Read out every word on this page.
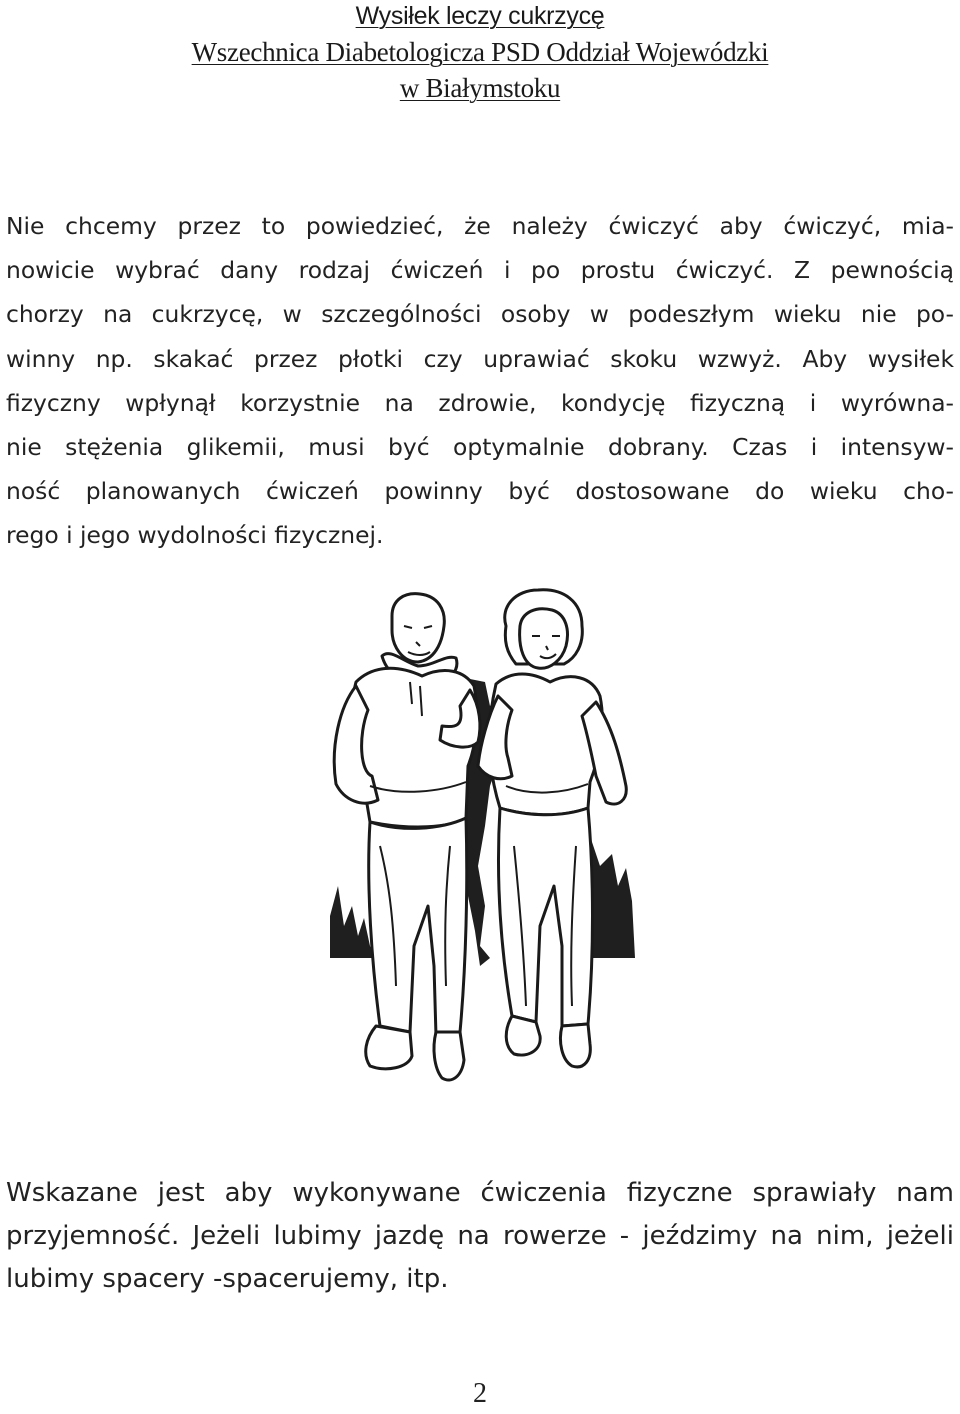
Wysiłek leczy cukrzycę
Wszechnica Diabetologicza PSD Oddział Wojewódzki
w Białymstoku
Nie chcemy przez to powiedzieć, że należy ćwiczyć aby ćwiczyć, mia-
nowicie wybrać dany rodzaj ćwiczeń i po prostu ćwiczyć. Z pewnością
chorzy na cukrzycę, w szczególności osoby w podeszłym wieku nie po-
winny np. skakać przez płotki czy uprawiać skoku wzwyż. Aby wysiłek
fizyczny wpłynął korzystnie na zdrowie, kondycję fizyczną i wyrówna-
nie stężenia glikemii, musi być optymalnie dobrany. Czas i intensyw-
ność planowanych ćwiczeń powinny być dostosowane do wieku cho-
rego i jego wydolności fizycznej.
Wskazane jest aby wykonywane ćwiczenia fizyczne sprawiały nam
przyjemność. Jeżeli lubimy jazdę na rowerze - jeździmy na nim, jeżeli
lubimy spacery -spacerujemy, itp.
2
